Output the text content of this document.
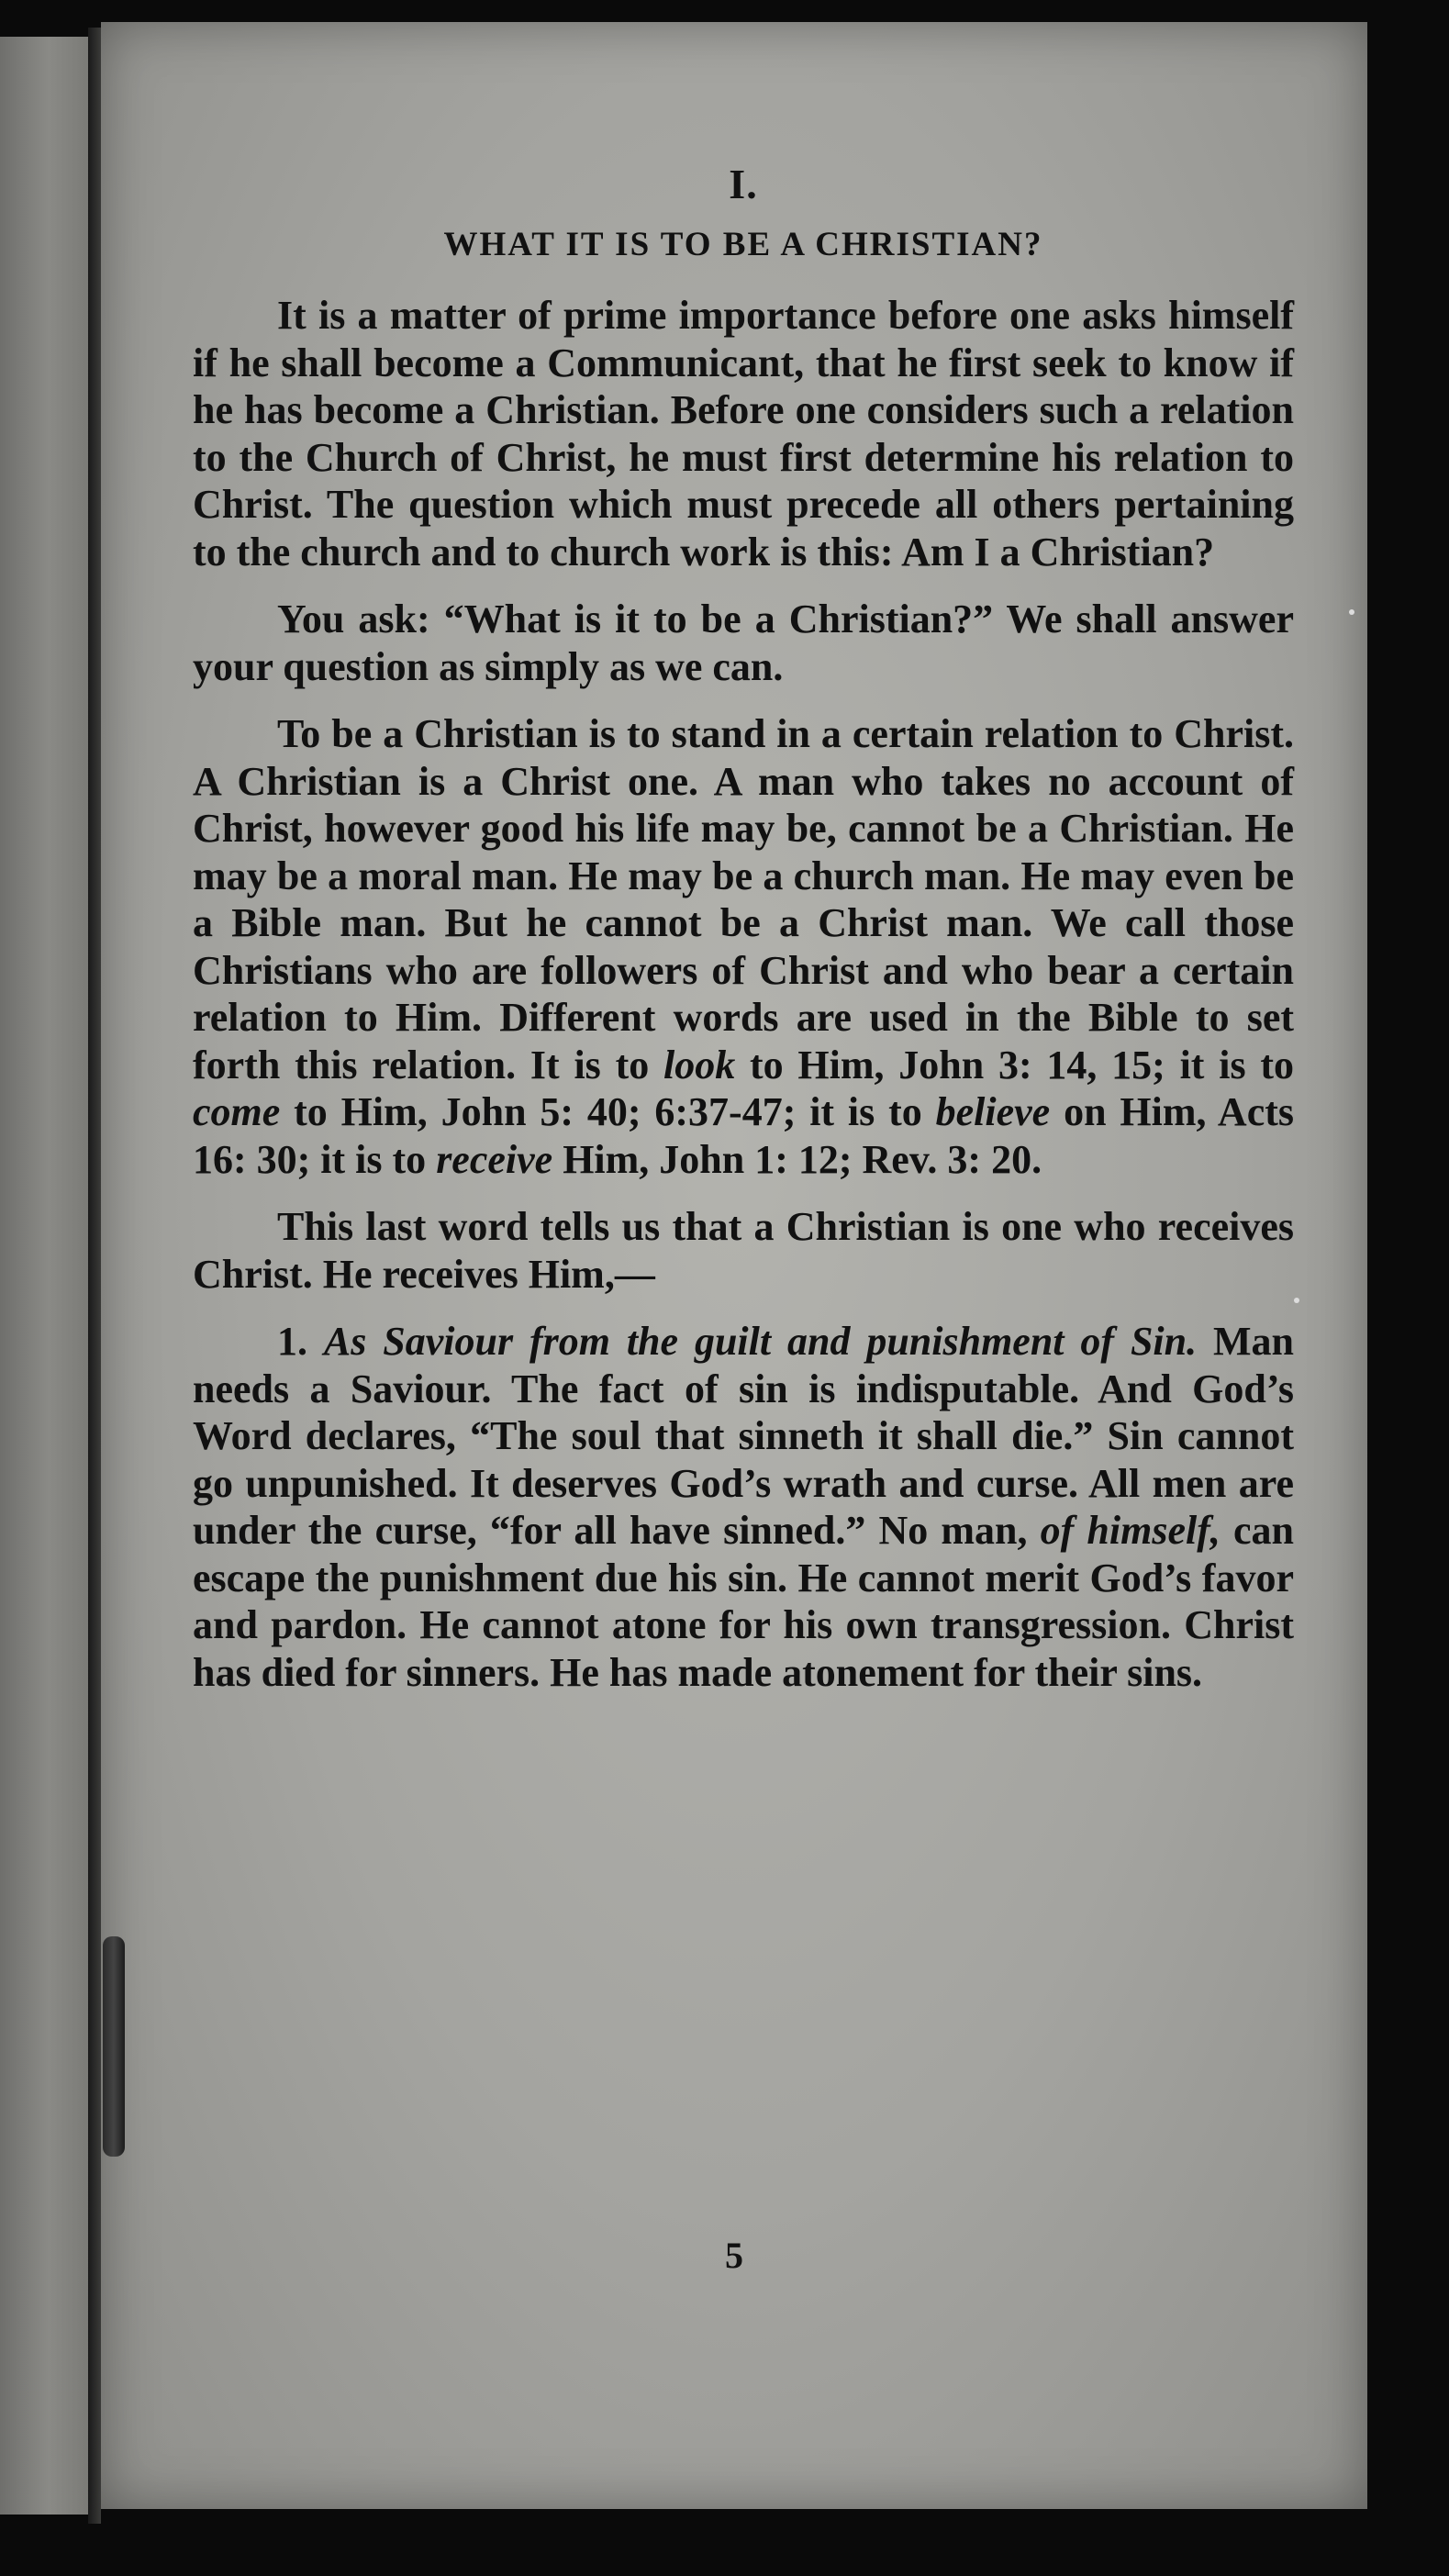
I.
WHAT IT IS TO BE A CHRISTIAN?

It is a matter of prime importance before one asks himself if he shall become a Communicant, that he first seek to know if he has become a Christian. Before one considers such a relation to the Church of Christ, he must first determine his relation to Christ. The question which must precede all others pertaining to the church and to church work is this: Am I a Christian?

You ask: “What is it to be a Christian?” We shall answer your question as simply as we can.

To be a Christian is to stand in a certain relation to Christ. A Christian is a Christ one. A man who takes no account of Christ, however good his life may be, cannot be a Christian. He may be a moral man. He may be a church man. He may even be a Bible man. But he cannot be a Christ man. We call those Christians who are followers of Christ and who bear a certain relation to Him. Different words are used in the Bible to set forth this relation. It is to look to Him, John 3: 14, 15; it is to come to Him, John 5: 40; 6:37-47; it is to believe on Him, Acts 16: 30; it is to receive Him, John 1: 12; Rev. 3: 20.

This last word tells us that a Christian is one who receives Christ. He receives Him,—

1. As Saviour from the guilt and punishment of Sin. Man needs a Saviour. The fact of sin is indisputable. And God’s Word declares, “The soul that sinneth it shall die.” Sin cannot go unpunished. It deserves God’s wrath and curse. All men are under the curse, “for all have sinned.” No man, of himself, can escape the punishment due his sin. He cannot merit God’s favor and pardon. He cannot atone for his own transgression. Christ has died for sinners. He has made atonement for their sins.

5
